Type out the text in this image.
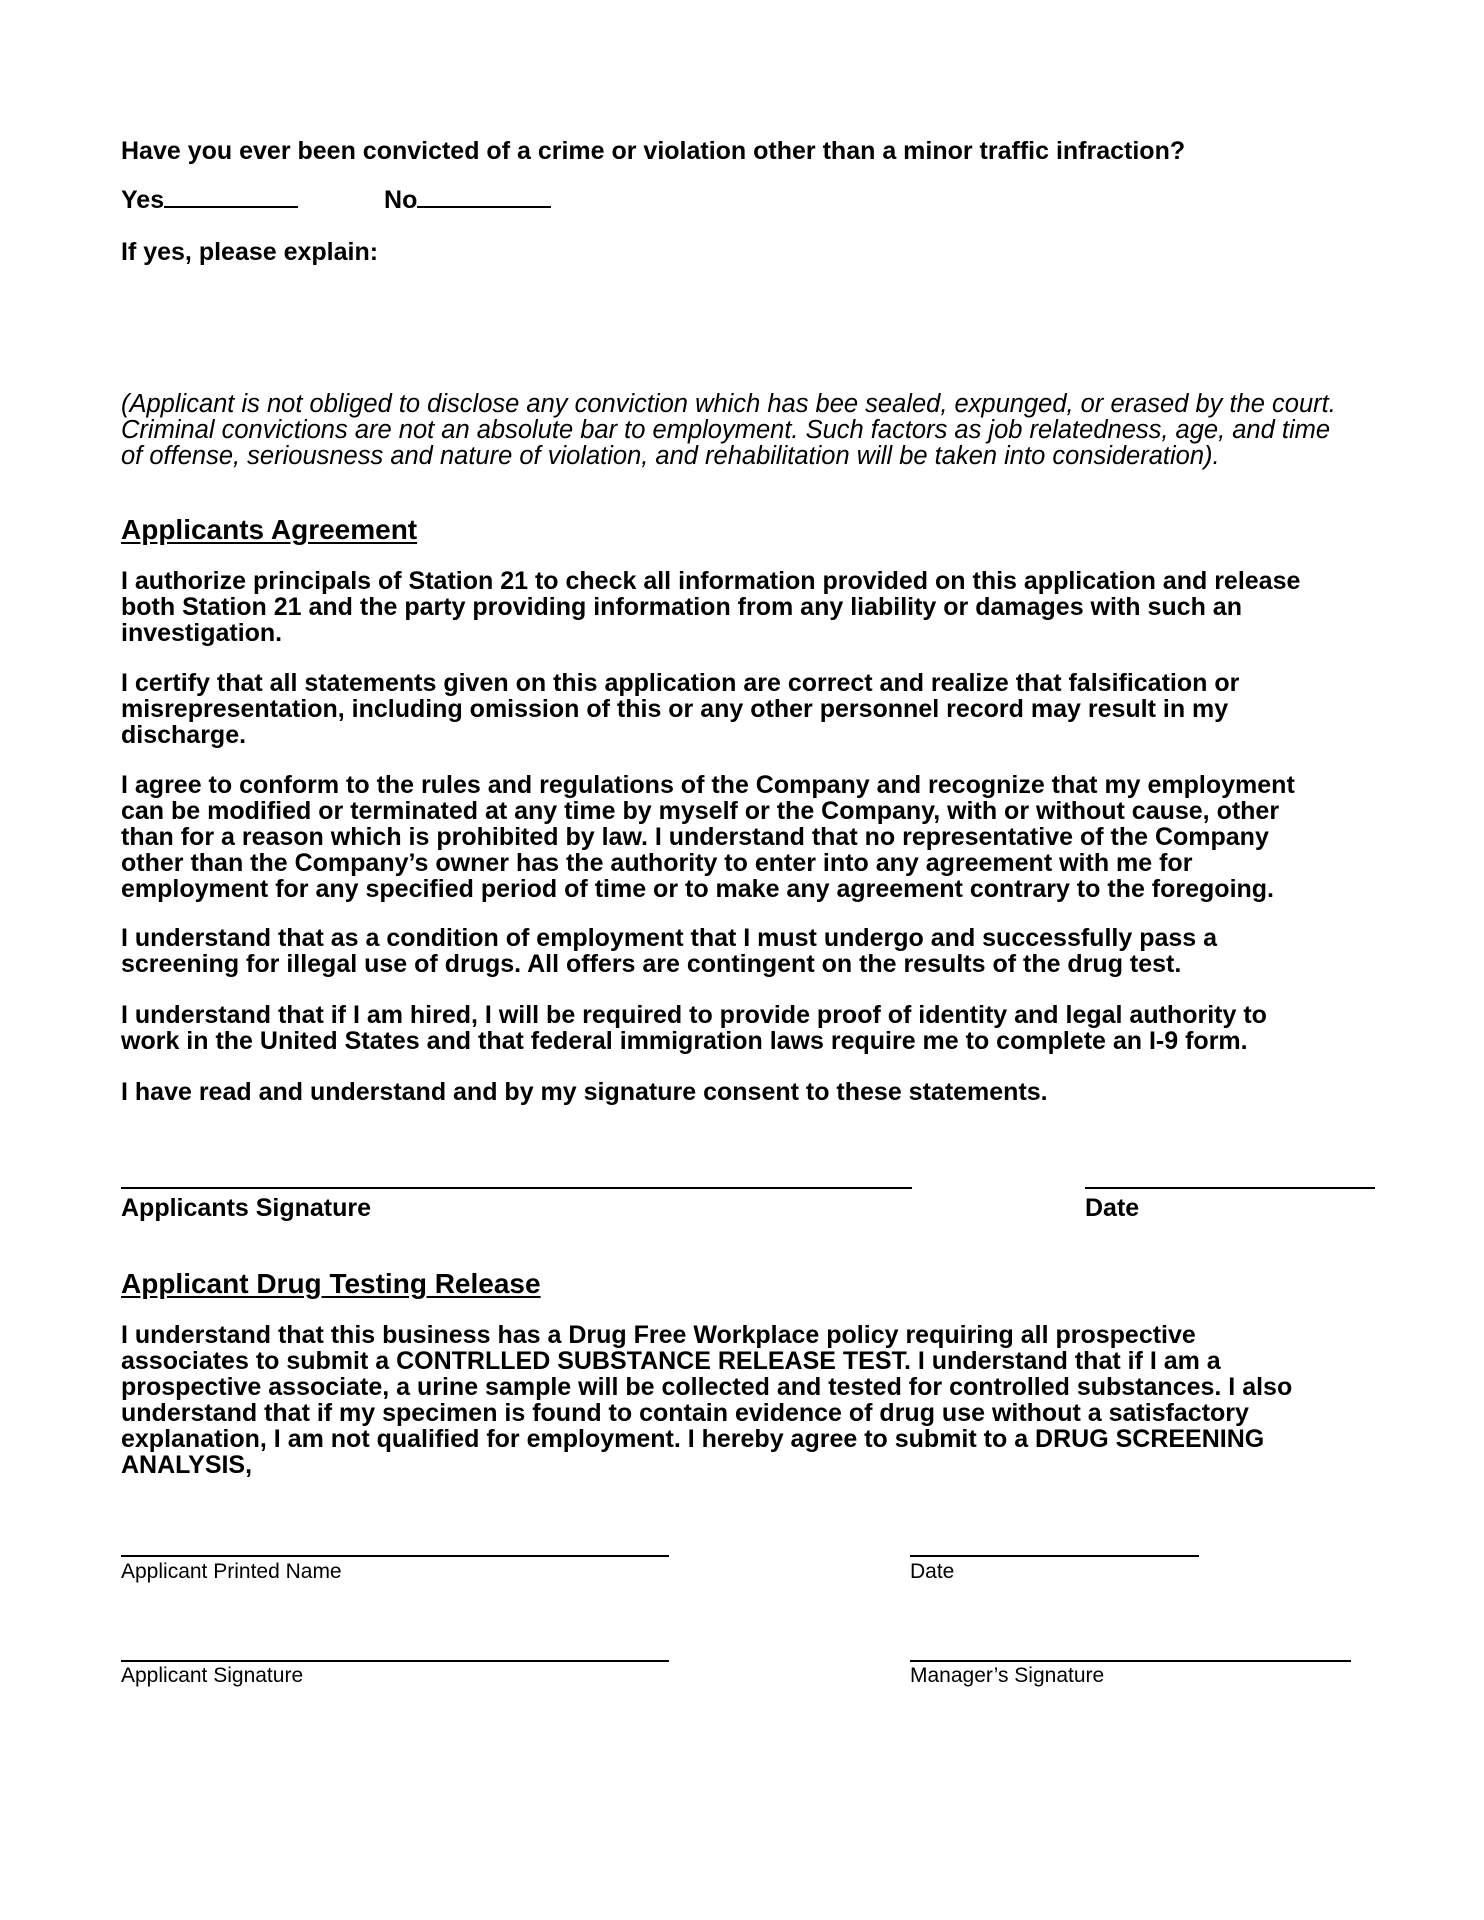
Have you ever been convicted of a crime or violation other than a minor traffic infraction?

Yes	No

If yes, please explain:

(Applicant is not obliged to disclose any conviction which has bee sealed, expunged, or erased by the court.
Criminal convictions are not an absolute bar to employment. Such factors as job relatedness, age, and time
of offense, seriousness and nature of violation, and rehabilitation will be taken into consideration).

Applicants Agreement

I authorize principals of Station 21 to check all information provided on this application and release
both Station 21 and the party providing information from any liability or damages with such an
investigation.
I certify that all statements given on this application are correct and realize that falsification or
misrepresentation, including omission of this or any other personnel record may result in my
discharge.
I agree to conform to the rules and regulations of the Company and recognize that my employment
can be modified or terminated at any time by myself or the Company, with or without cause, other
than for a reason which is prohibited by law. I understand that no representative of the Company
other than the Company’s owner has the authority to enter into any agreement with me for
employment for any specified period of time or to make any agreement contrary to the foregoing.
I understand that as a condition of employment that I must undergo and successfully pass a
screening for illegal use of drugs. All offers are contingent on the results of the drug test.
I understand that if I am hired, I will be required to provide proof of identity and legal authority to
work in the United States and that federal immigration laws require me to complete an I-9 form.
I have read and understand and by my signature consent to these statements.

Applicants Signature	Date

Applicant Drug Testing Release

I understand that this business has a Drug Free Workplace policy requiring all prospective
associates to submit a CONTRLLED SUBSTANCE RELEASE TEST. I understand that if I am a
prospective associate, a urine sample will be collected and tested for controlled substances. I also
understand that if my specimen is found to contain evidence of drug use without a satisfactory
explanation, I am not qualified for employment. I hereby agree to submit to a DRUG SCREENING
ANALYSIS,

Applicant Printed Name	Date

Applicant Signature	Manager’s Signature
